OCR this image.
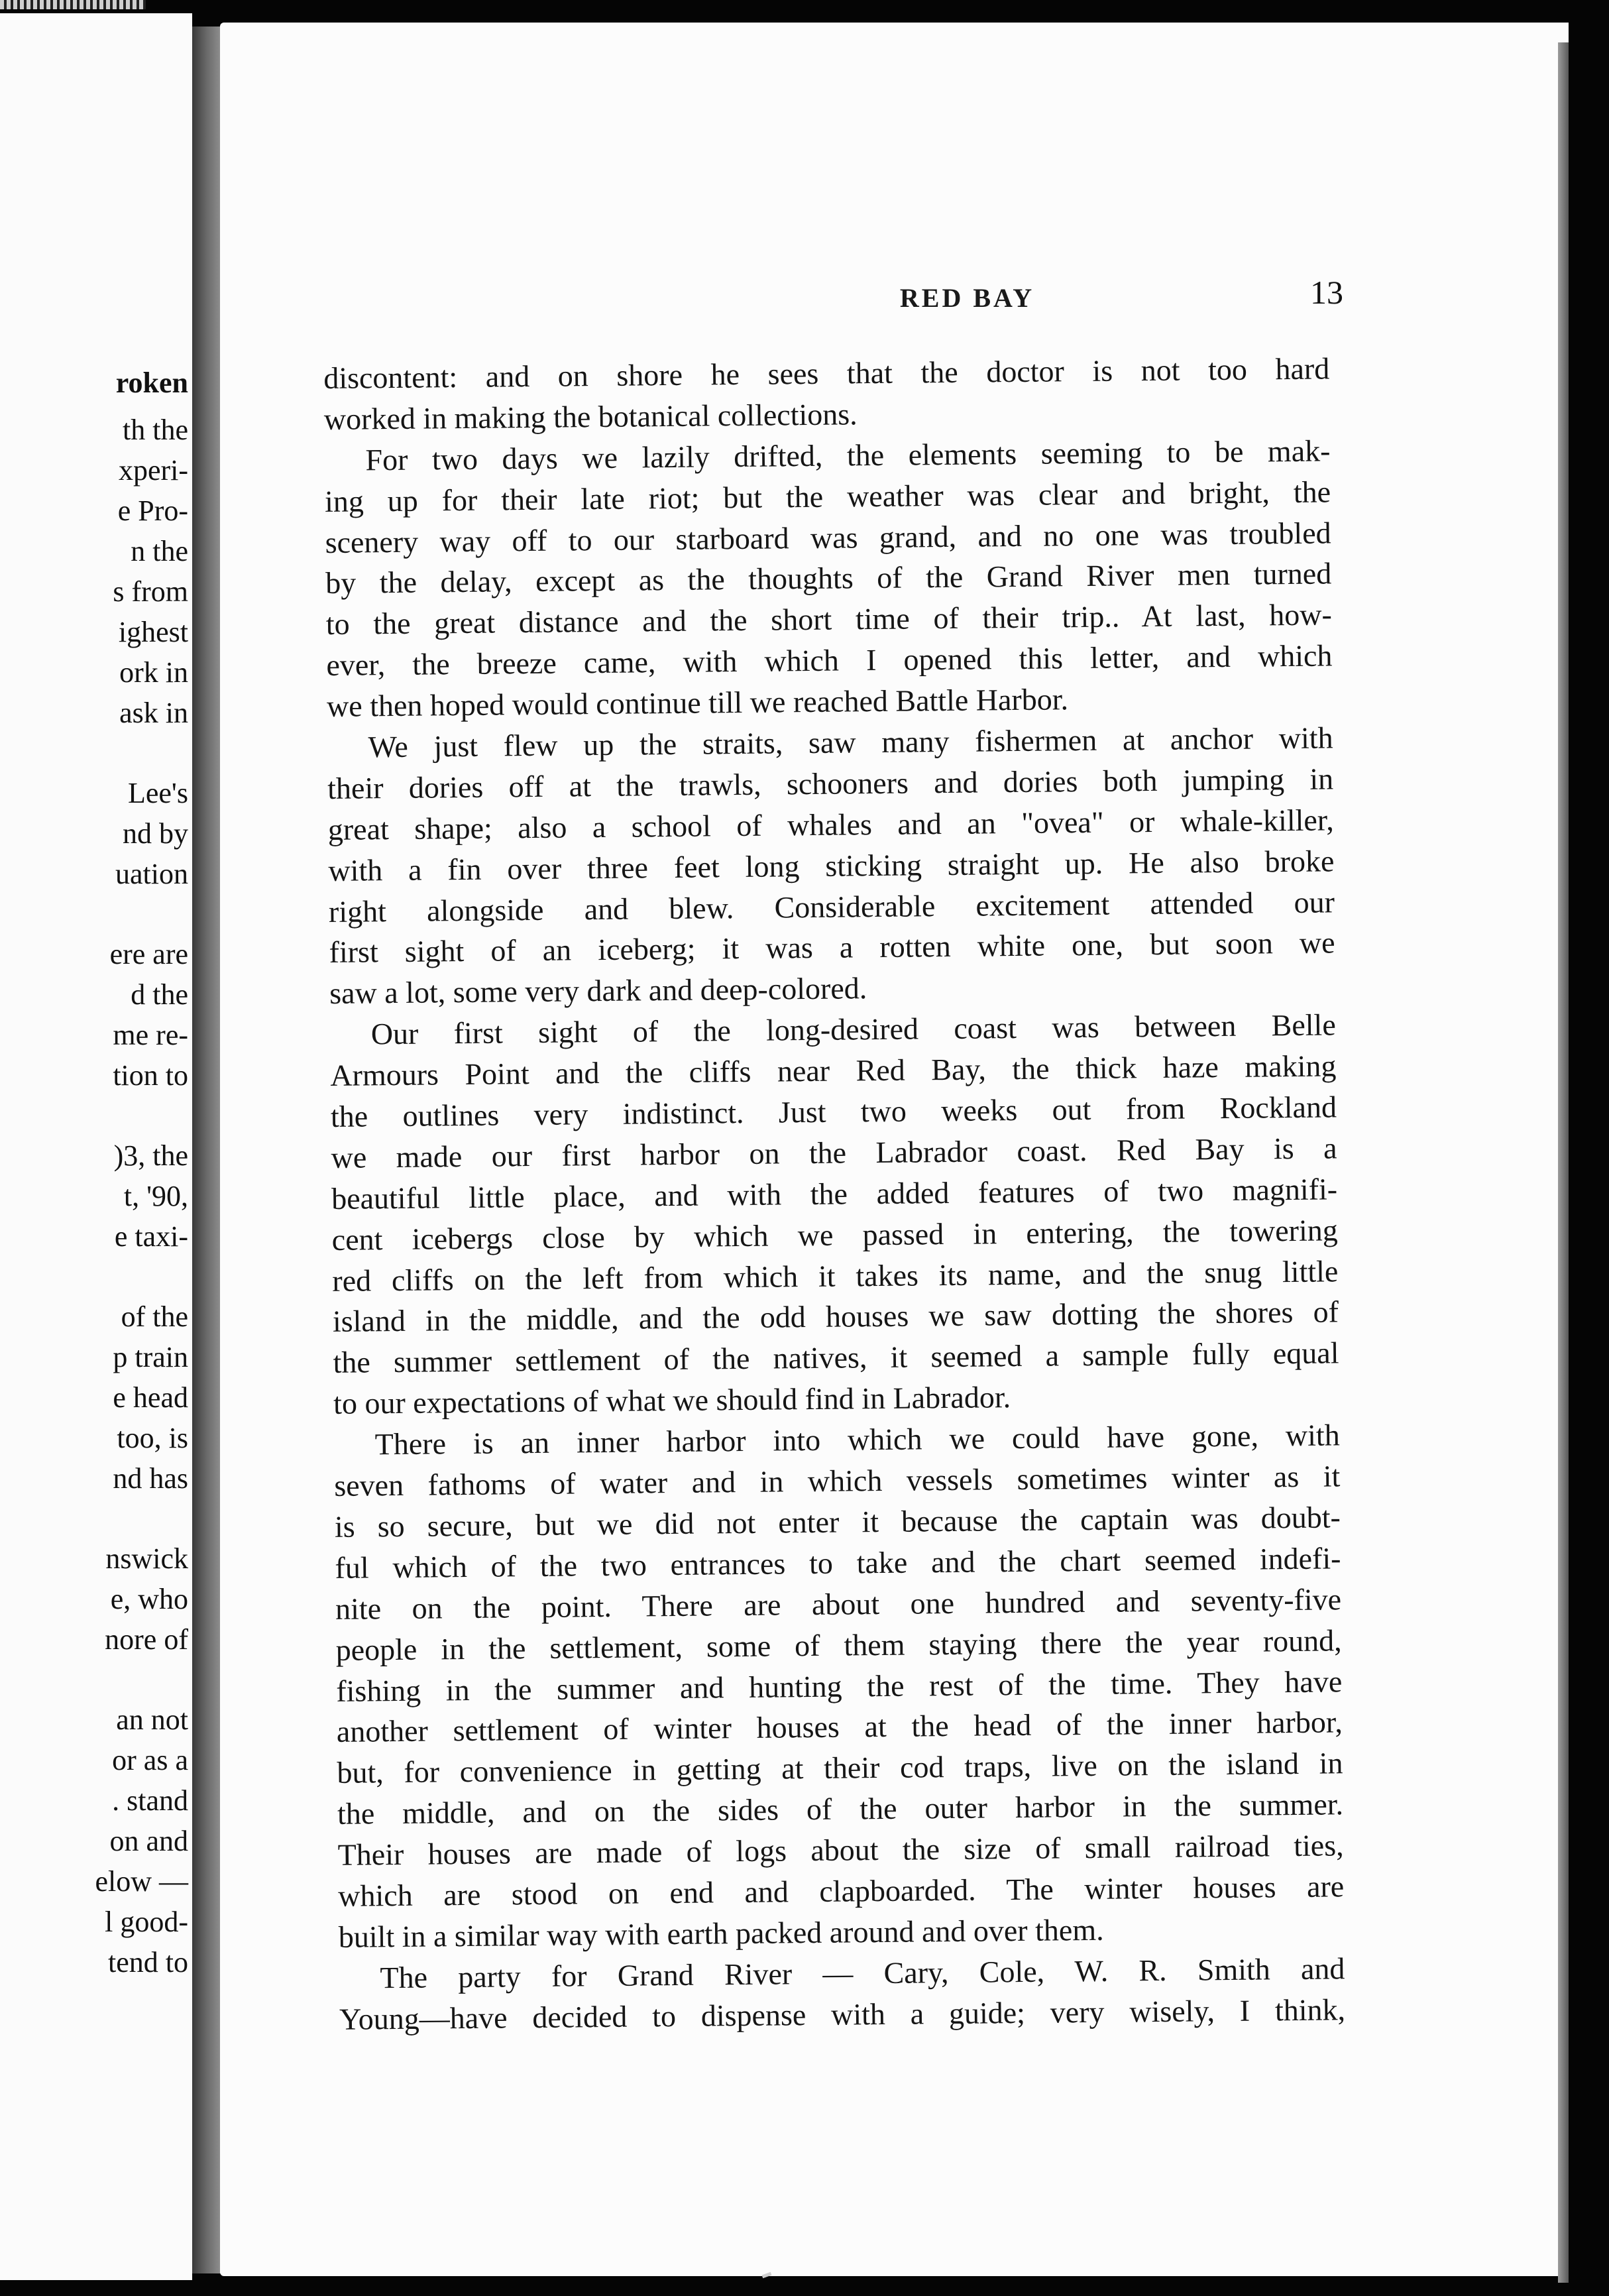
roken
th the
xperi-
e Pro-
n the
s from
ighest
ork in
ask in
Lee's
nd by
uation
ere are
d the
me re-
tion to
)3, the
t, '90,
e taxi-
of the
p train
e head
too, is
nd has
nswick
e, who
nore of
an not
or as a
. stand
on and
elow —
l good-
tend to
RED BAY	13
discontent: and on shore he sees that the doctor is not too hard
worked in making the botanical collections.
For two days we lazily drifted, the elements seeming to be mak-
ing up for their late riot; but the weather was clear and bright, the
scenery way off to our starboard was grand, and no one was troubled
by the delay, except as the thoughts of the Grand River men turned
to the great distance and the short time of their trip.. At last, how-
ever, the breeze came, with which I opened this letter, and which
we then hoped would continue till we reached Battle Harbor.
We just flew up the straits, saw many fishermen at anchor with
their dories off at the trawls, schooners and dories both jumping in
great shape; also a school of whales and an "ovea" or whale-killer,
with a fin over three feet long sticking straight up. He also broke
right alongside and blew. Considerable excitement attended our
first sight of an iceberg; it was a rotten white one, but soon we
saw a lot, some very dark and deep-colored.
Our first sight of the long-desired coast was between Belle
Armours Point and the cliffs near Red Bay, the thick haze making
the outlines very indistinct. Just two weeks out from Rockland
we made our first harbor on the Labrador coast. Red Bay is a
beautiful little place, and with the added features of two magnifi-
cent icebergs close by which we passed in entering, the towering
red cliffs on the left from which it takes its name, and the snug little
island in the middle, and the odd houses we saw dotting the shores of
the summer settlement of the natives, it seemed a sample fully equal
to our expectations of what we should find in Labrador.
There is an inner harbor into which we could have gone, with
seven fathoms of water and in which vessels sometimes winter as it
is so secure, but we did not enter it because the captain was doubt-
ful which of the two entrances to take and the chart seemed indefi-
nite on the point. There are about one hundred and seventy-five
people in the settlement, some of them staying there the year round,
fishing in the summer and hunting the rest of the time. They have
another settlement of winter houses at the head of the inner harbor,
but, for convenience in getting at their cod traps, live on the island in
the middle, and on the sides of the outer harbor in the summer.
Their houses are made of logs about the size of small railroad ties,
which are stood on end and clapboarded. The winter houses are
built in a similar way with earth packed around and over them.
The party for Grand River — Cary, Cole, W. R. Smith and
Young—have decided to dispense with a guide; very wisely, I think,
